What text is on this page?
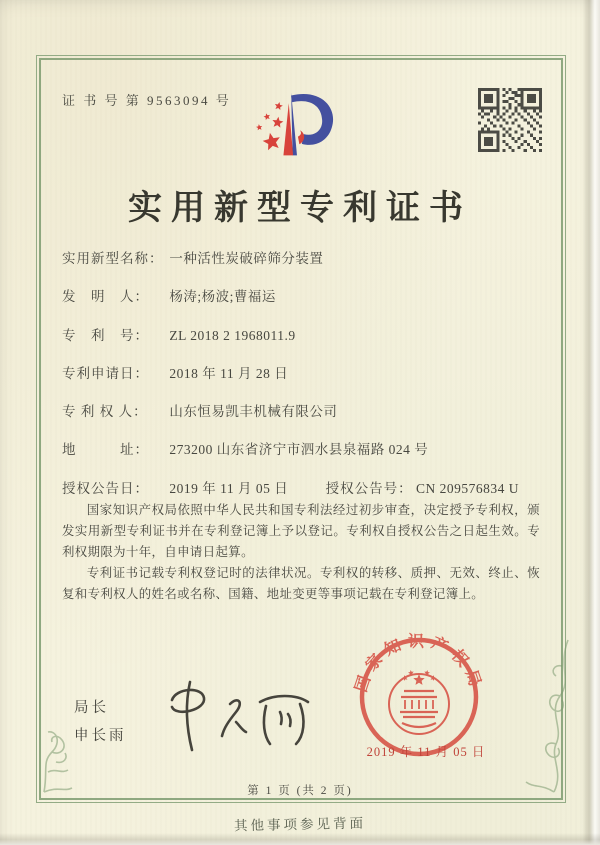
证 书 号 第 9563094 号
实用新型专利证书
实用新型名称： 一种活性炭破碎筛分装置
发　明　人： 杨涛;杨波;曹福运
专　利　号： ZL 2018 2 1968011.9
专利申请日： 2018 年 11 月 28 日
专 利 权 人： 山东恒易凯丰机械有限公司
地　　　址： 273200 山东省济宁市泗水县泉福路 024 号
授权公告日： 2019 年 11 月 05 日	授权公告号： CN 209576834 U

国家知识产权局依照中华人民共和国专利法经过初步审查，决定授予专利权，颁发实用新型专利证书并在专利登记簿上予以登记。专利权自授权公告之日起生效。专利权期限为十年，自申请日起算。

专利证书记载专利权登记时的法律状况。专利权的转移、质押、无效、终止、恢复和专利权人的姓名或名称、国籍、地址变更等事项记载在专利登记簿上。

局长
申长雨
国家知识产权局
2019 年 11 月 05 日
第 1 页 (共 2 页)
其他事项参见背面
